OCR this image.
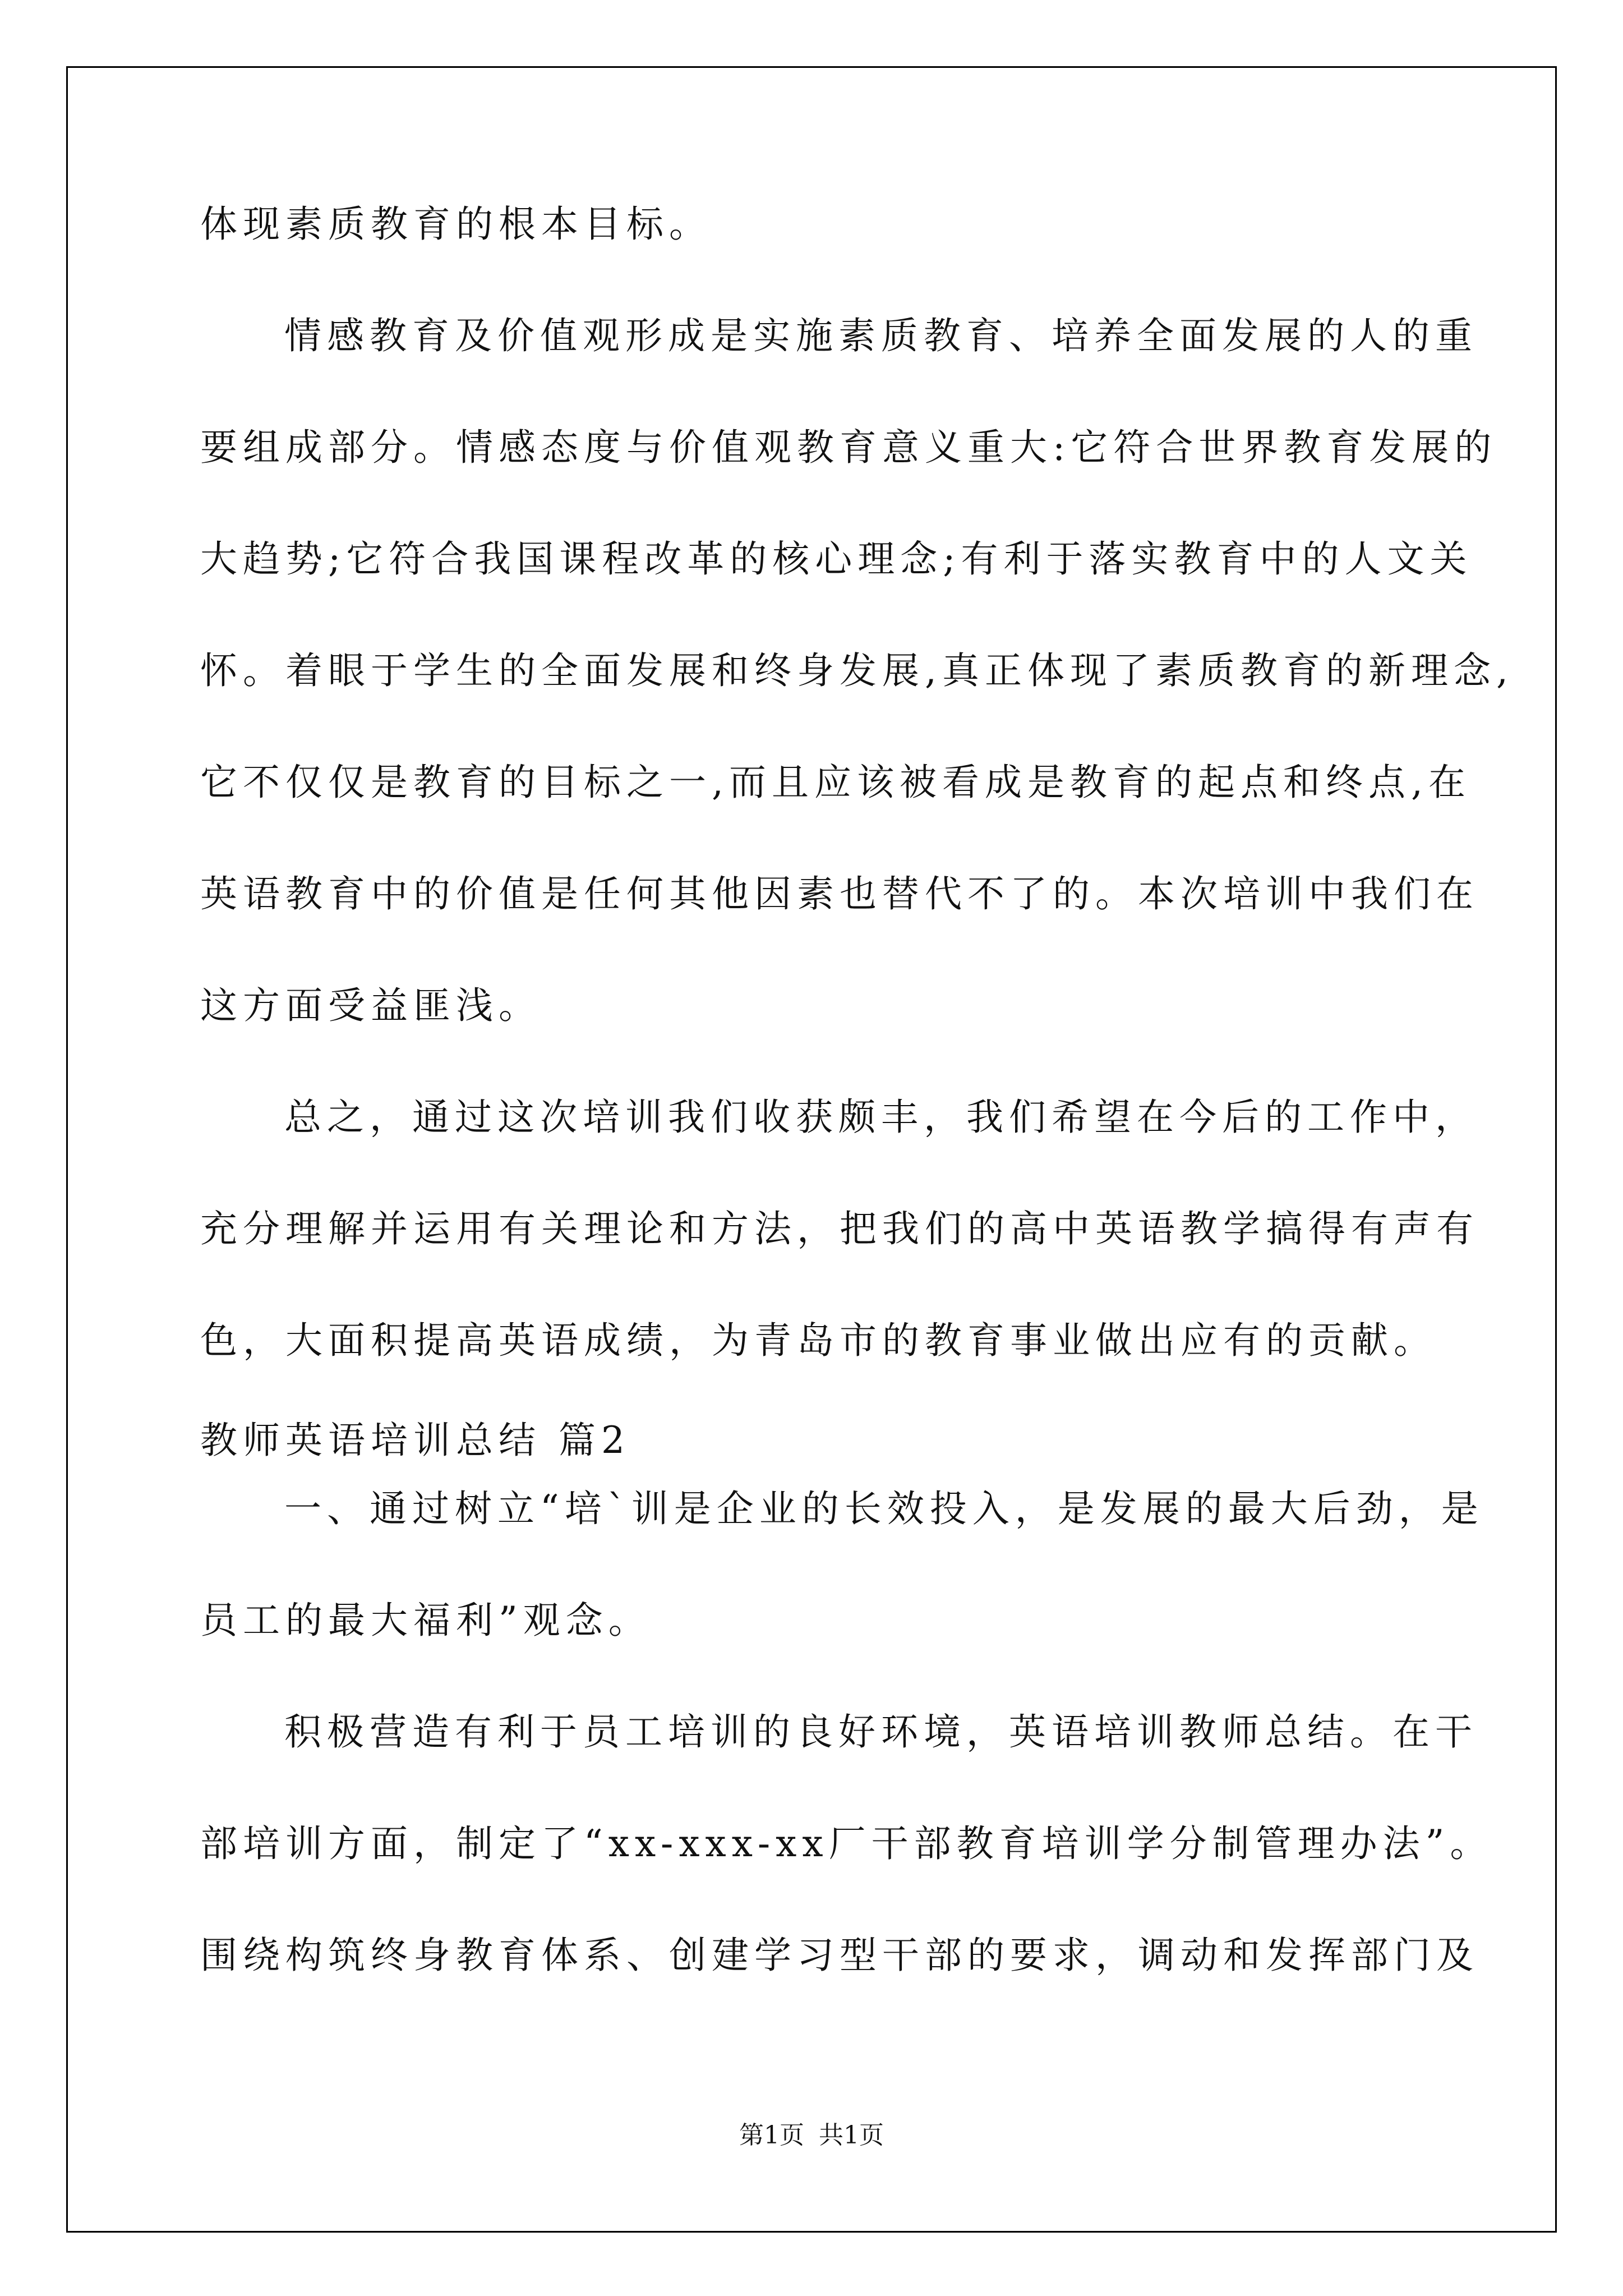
体现素质教育的根本目标。
情感教育及价值观形成是实施素质教育、培养全面发展的人的重
要组成部分。情感态度与价值观教育意义重大:它符合世界教育发展的
大趋势;它符合我国课程改革的核心理念;有利于落实教育中的人文关
怀。着眼于学生的全面发展和终身发展,真正体现了素质教育的新理念,
它不仅仅是教育的目标之一,而且应该被看成是教育的起点和终点,在
英语教育中的价值是任何其他因素也替代不了的。本次培训中我们在
这方面受益匪浅。
总之，通过这次培训我们收获颇丰，我们希望在今后的工作中，
充分理解并运用有关理论和方法，把我们的高中英语教学搞得有声有
色，大面积提高英语成绩，为青岛市的教育事业做出应有的贡献。
教师英语培训总结 篇2
一、通过树立“培`训是企业的长效投入，是发展的最大后劲，是
员工的最大福利”观念。
积极营造有利于员工培训的良好环境，英语培训教师总结。在干
部培训方面，制定了“xx-xxx-xx厂干部教育培训学分制管理办法”。
围绕构筑终身教育体系、创建学习型干部的要求，调动和发挥部门及
第1页 共1页
